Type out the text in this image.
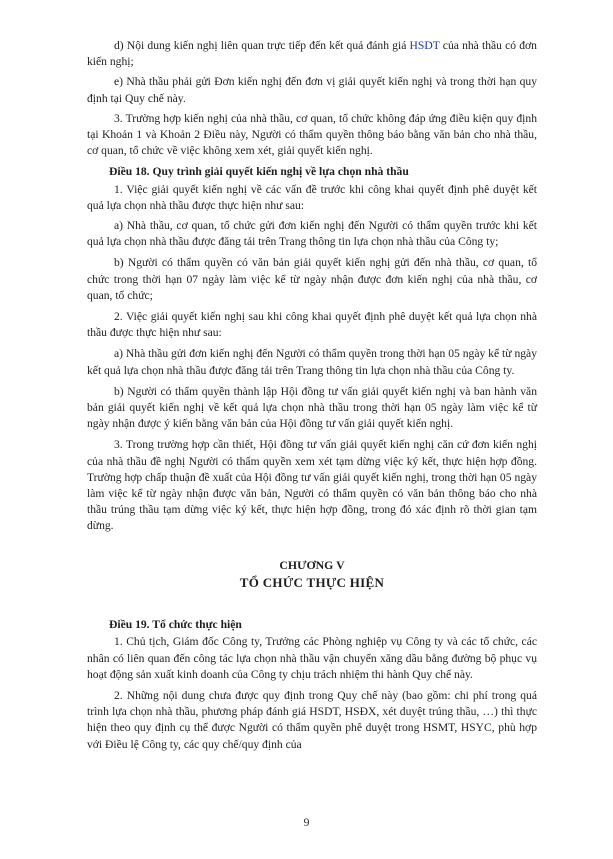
d) Nội dung kiến nghị liên quan trực tiếp đến kết quả đánh giá HSDT của nhà thầu có đơn kiến nghị;

e) Nhà thầu phải gửi Đơn kiến nghị đến đơn vị giải quyết kiến nghị và trong thời hạn quy định tại Quy chế này.

3. Trường hợp kiến nghị của nhà thầu, cơ quan, tổ chức không đáp ứng điều kiện quy định tại Khoản 1 và Khoản 2 Điều này, Người có thẩm quyền thông báo bằng văn bản cho nhà thầu, cơ quan, tổ chức về việc không xem xét, giải quyết kiến nghị.

Điều 18. Quy trình giải quyết kiến nghị về lựa chọn nhà thầu

1. Việc giải quyết kiến nghị về các vấn đề trước khi công khai quyết định phê duyệt kết quả lựa chọn nhà thầu được thực hiện như sau:

a) Nhà thầu, cơ quan, tổ chức gửi đơn kiến nghị đến Người có thẩm quyền trước khi kết quả lựa chọn nhà thầu được đăng tải trên Trang thông tin lựa chọn nhà thầu của Công ty;

b) Người có thẩm quyền có văn bản giải quyết kiến nghị gửi đến nhà thầu, cơ quan, tổ chức trong thời hạn 07 ngày làm việc kể từ ngày nhận được đơn kiến nghị của nhà thầu, cơ quan, tổ chức;

2. Việc giải quyết kiến nghị sau khi công khai quyết định phê duyệt kết quả lựa chọn nhà thầu được thực hiện như sau:

a) Nhà thầu gửi đơn kiến nghị đến Người có thẩm quyền trong thời hạn 05 ngày kể từ ngày kết quả lựa chọn nhà thầu được đăng tải trên Trang thông tin lựa chọn nhà thầu của Công ty.

b) Người có thẩm quyền thành lập Hội đồng tư vấn giải quyết kiến nghị và ban hành văn bản giải quyết kiến nghị về kết quả lựa chọn nhà thầu trong thời hạn 05 ngày làm việc kể từ ngày nhận được ý kiến bằng văn bản của Hội đồng tư vấn giải quyết kiến nghị.

3. Trong trường hợp cần thiết, Hội đồng tư vấn giải quyết kiến nghị căn cứ đơn kiến nghị của nhà thầu đề nghị Người có thẩm quyền xem xét tạm dừng việc ký kết, thực hiện hợp đồng. Trường hợp chấp thuận đề xuất của Hội đồng tư vấn giải quyết kiến nghị, trong thời hạn 05 ngày làm việc kể từ ngày nhận được văn bản, Người có thẩm quyền có văn bản thông báo cho nhà thầu trúng thầu tạm dừng việc ký kết, thực hiện hợp đồng, trong đó xác định rõ thời gian tạm dừng.

CHƯƠNG V

TỔ CHỨC THỰC HIỆN

Điều 19. Tổ chức thực hiện

1. Chủ tịch, Giám đốc Công ty, Trưởng các Phòng nghiệp vụ Công ty và các tổ chức, các nhân có liên quan đến công tác lựa chọn nhà thầu vận chuyển xăng dầu bằng đường bộ phục vụ hoạt động sản xuất kinh doanh của Công ty chịu trách nhiệm thi hành Quy chế này.

2. Những nội dung chưa được quy định trong Quy chế này (bao gồm: chi phí trong quá trình lựa chọn nhà thầu, phương pháp đánh giá HSDT, HSĐX, xét duyệt trúng thầu, …) thì thực hiện theo quy định cụ thể được Người có thẩm quyền phê duyệt trong HSMT, HSYC, phù hợp với Điều lệ Công ty, các quy chế/quy định của

9
